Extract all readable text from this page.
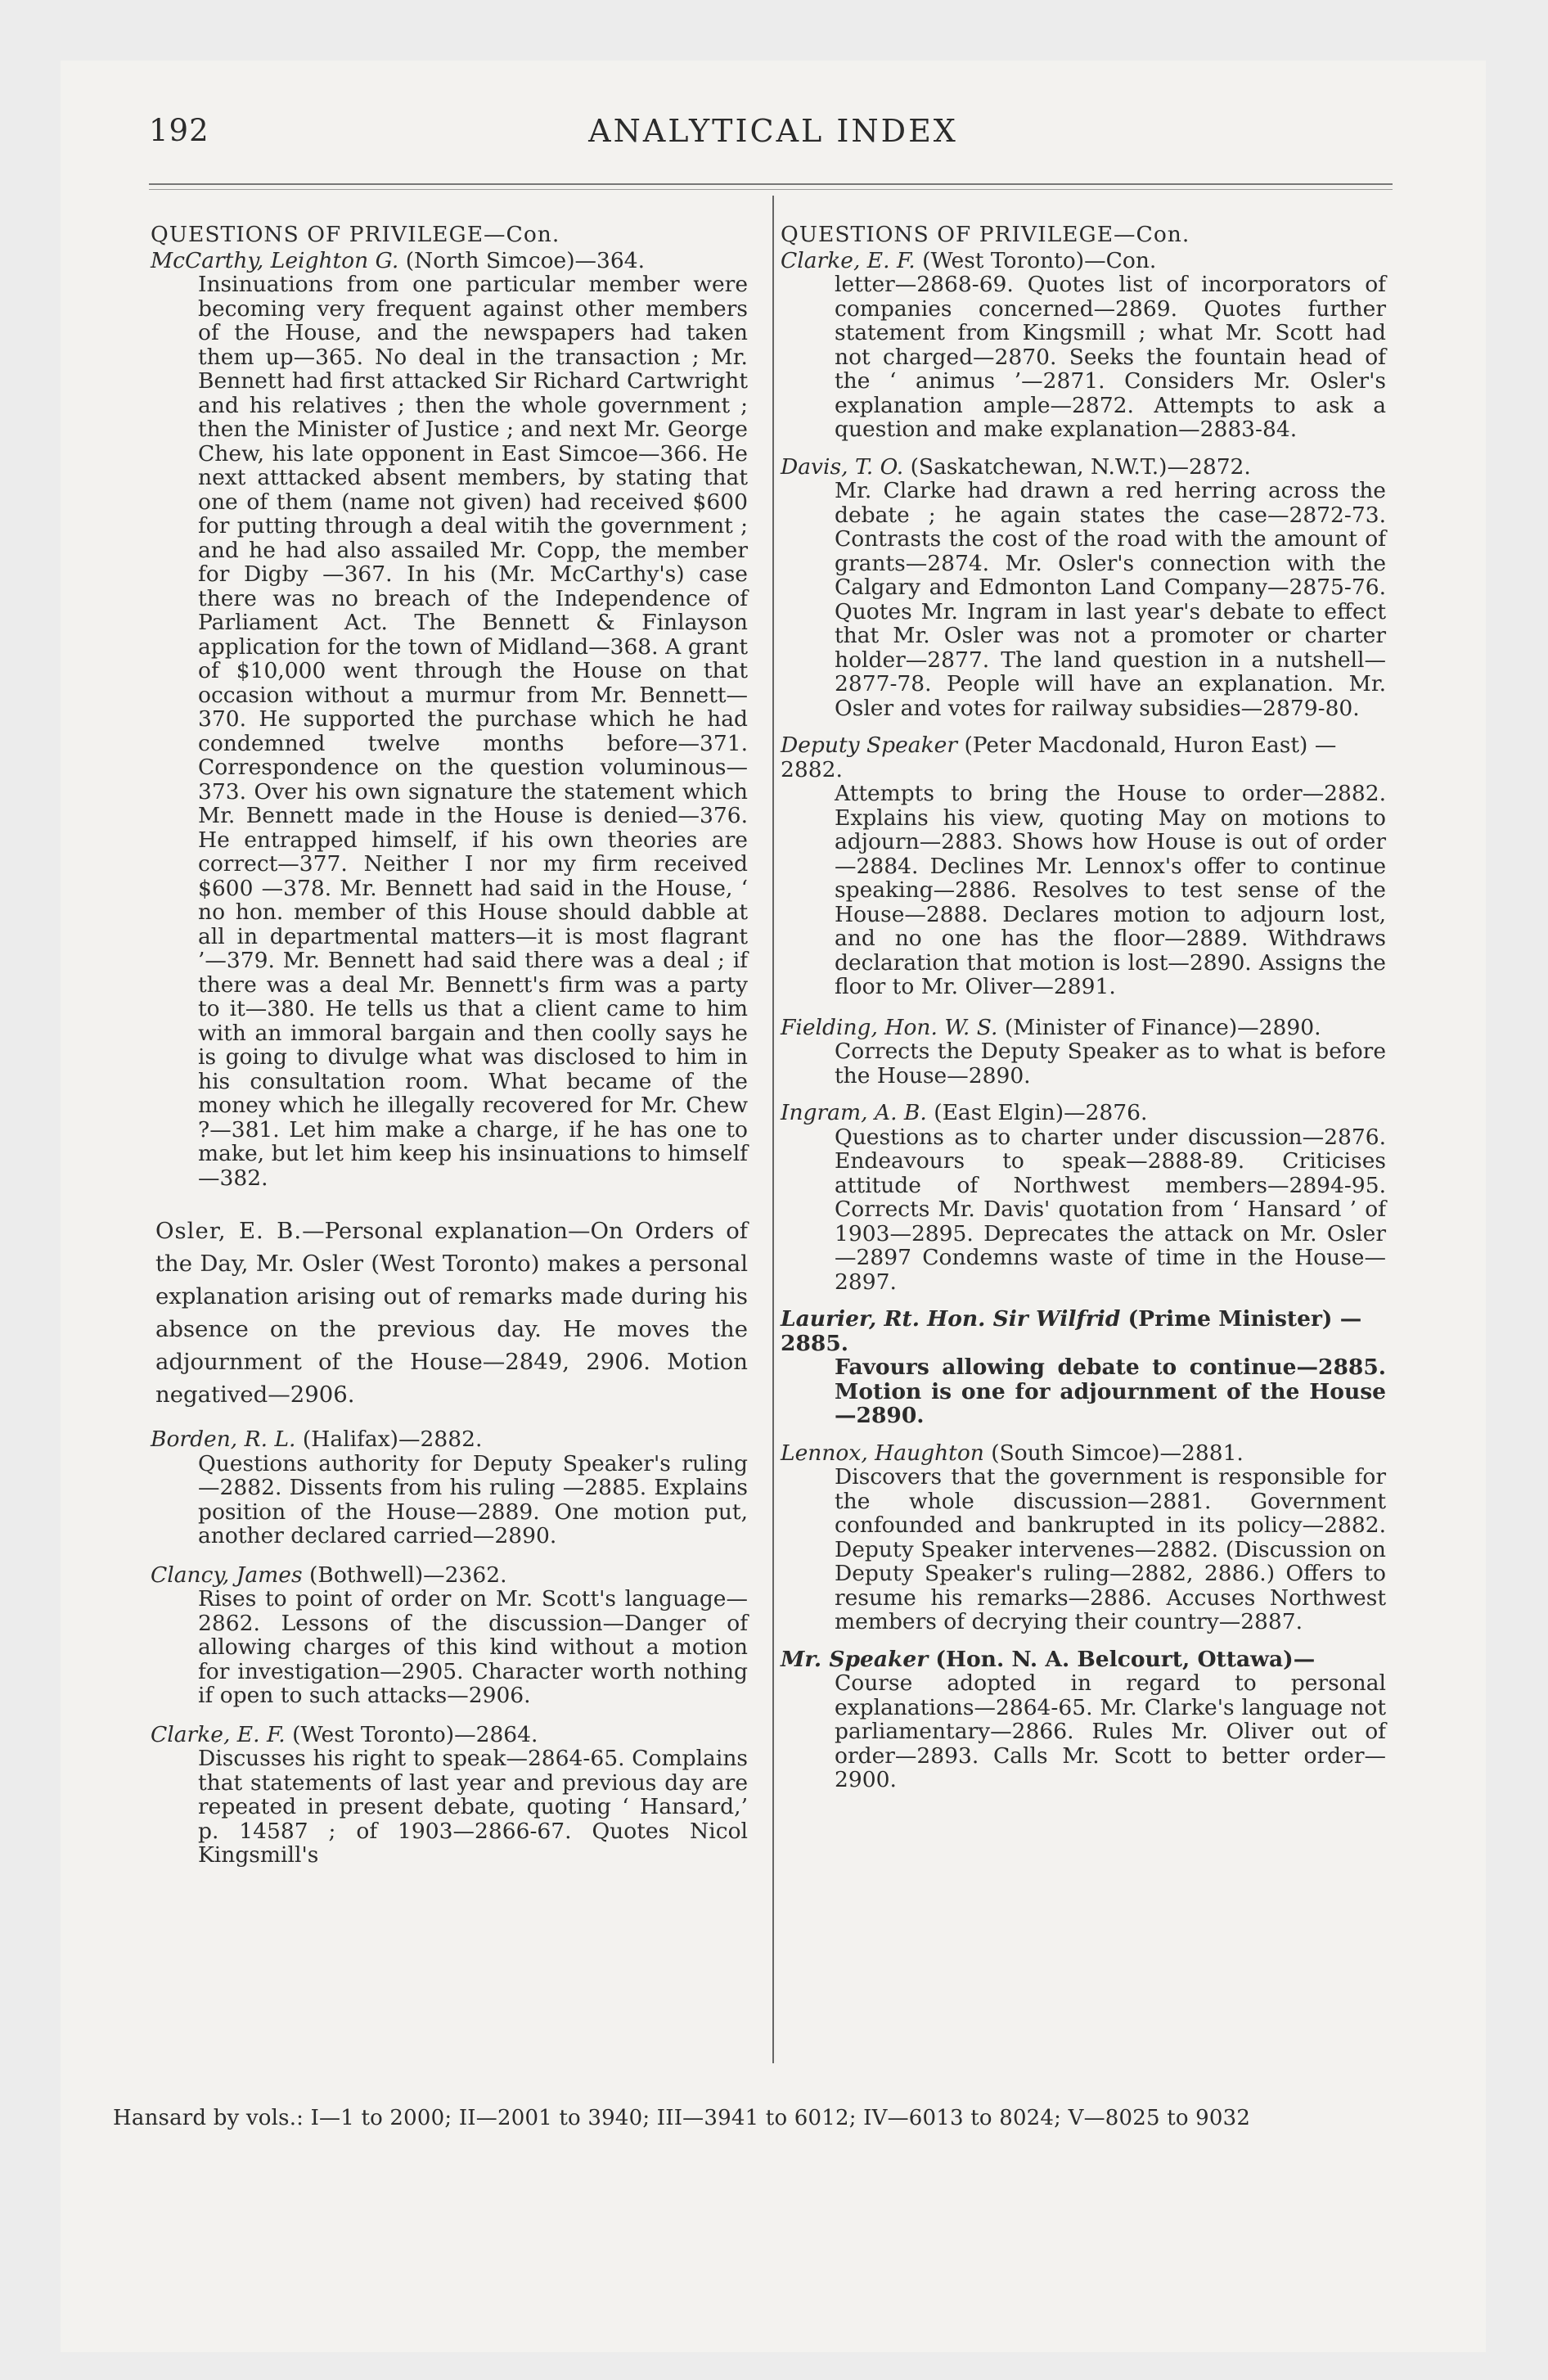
ANALYTICAL INDEX
192
QUESTIONS OF PRIVILEGE—Con.

McCarthy, Leighton G. (North Simcoe)—364.

Insinuations from one particular member were becoming very frequent against other members of the House, and the newspapers had taken them up—365. No deal in the transaction ; Mr. Bennett had first attacked Sir Richard Cartwright and his relatives ; then the whole government ; then the Minister of Justice ; and next Mr. George Chew, his late opponent in East Simcoe—366. He next atttacked absent members, by stating that one of them (name not given) had received $600 for putting through a deal witih the government ; and he had also assailed Mr. Copp, the member for Digby —367. In his (Mr. McCarthy's) case there was no breach of the Independence of Parliament Act. The Bennett & Finlayson application for the town of Midland—368. A grant of $10,000 went through the House on that occasion without a murmur from Mr. Bennett—370. He supported the purchase which he had condemned twelve months before—371. Correspondence on the question voluminous—373. Over his own signature the statement which Mr. Bennett made in the House is denied—376. He entrapped himself, if his own theories are correct—377. Neither I nor my firm received $600 —378. Mr. Bennett had said in the House, ‘ no hon. member of this House should dabble at all in departmental matters—it is most flagrant ’—379. Mr. Bennett had said there was a deal ; if there was a deal Mr. Bennett's firm was a party to it—380. He tells us that a client came to him with an immoral bargain and then coolly says he is going to divulge what was disclosed to him in his consultation room. What became of the money which he illegally recovered for Mr. Chew ?—381. Let him make a charge, if he has one to make, but let him keep his insinuations to himself—382.

Osler, E. B.—Personal explanation—On Orders of the Day, Mr. Osler (West Toronto) makes a personal explanation arising out of remarks made during his absence on the previous day. He moves the adjournment of the House—2849, 2906. Motion negatived—2906.

Borden, R. L. (Halifax)—2882.

Questions authority for Deputy Speaker's ruling—2882. Dissents from his ruling —2885. Explains position of the House—2889. One motion put, another declared carried—2890.

Clancy, James (Bothwell)—2362.

Rises to point of order on Mr. Scott's language—2862. Lessons of the discussion—Danger of allowing charges of this kind without a motion for investigation—2905. Character worth nothing if open to such attacks—2906.

Clarke, E. F. (West Toronto)—2864.

Discusses his right to speak—2864-65. Complains that statements of last year and previous day are repeated in present debate, quoting ‘ Hansard,’ p. 14587 ; of 1903—2866-67. Quotes Nicol Kingsmill's

QUESTIONS OF PRIVILEGE—Con.

Clarke, E. F. (West Toronto)—Con.

letter—2868-69. Quotes list of incorporators of companies concerned—2869. Quotes further statement from Kingsmill ; what Mr. Scott had not charged—2870. Seeks the fountain head of the ‘ animus ’—2871. Considers Mr. Osler's explanation ample—2872. Attempts to ask a question and make explanation—2883-84.

Davis, T. O. (Saskatchewan, N.W.T.)—2872.

Mr. Clarke had drawn a red herring across the debate ; he again states the case—2872-73. Contrasts the cost of the road with the amount of grants—2874. Mr. Osler's connection with the Calgary and Edmonton Land Company—2875-76. Quotes Mr. Ingram in last year's debate to effect that Mr. Osler was not a promoter or charter holder—2877. The land question in a nutshell—2877-78. People will have an explanation. Mr. Osler and votes for railway subsidies—2879-80.

Deputy Speaker (Peter Macdonald, Huron East) —2882.

Attempts to bring the House to order—2882. Explains his view, quoting May on motions to adjourn—2883. Shows how House is out of order—2884. Declines Mr. Lennox's offer to continue speaking—2886. Resolves to test sense of the House—2888. Declares motion to adjourn lost, and no one has the floor—2889. Withdraws declaration that motion is lost—2890. Assigns the floor to Mr. Oliver—2891.

Fielding, Hon. W. S. (Minister of Finance)—2890.

Corrects the Deputy Speaker as to what is before the House—2890.

Ingram, A. B. (East Elgin)—2876.

Questions as to charter under discussion—2876. Endeavours to speak—2888-89. Criticises attitude of Northwest members—2894-95. Corrects Mr. Davis' quotation from ‘ Hansard ’ of 1903—2895. Deprecates the attack on Mr. Osler—2897 Condemns waste of time in the House—2897.

Laurier, Rt. Hon. Sir Wilfrid (Prime Minister) —2885.

Favours allowing debate to continue—2885. Motion is one for adjournment of the House—2890.

Lennox, Haughton (South Simcoe)—2881.

Discovers that the government is responsible for the whole discussion—2881. Government confounded and bankrupted in its policy—2882. Deputy Speaker intervenes—2882. (Discussion on Deputy Speaker's ruling—2882, 2886.) Offers to resume his remarks—2886. Accuses Northwest members of decrying their country—2887.

Mr. Speaker (Hon. N. A. Belcourt, Ottawa)—

Course adopted in regard to personal explanations—2864-65. Mr. Clarke's language not parliamentary—2866. Rules Mr. Oliver out of order—2893. Calls Mr. Scott to better order—2900.

Hansard by vols.: I—1 to 2000; II—2001 to 3940; III—3941 to 6012; IV—6013 to 8024; V—8025 to 9032
